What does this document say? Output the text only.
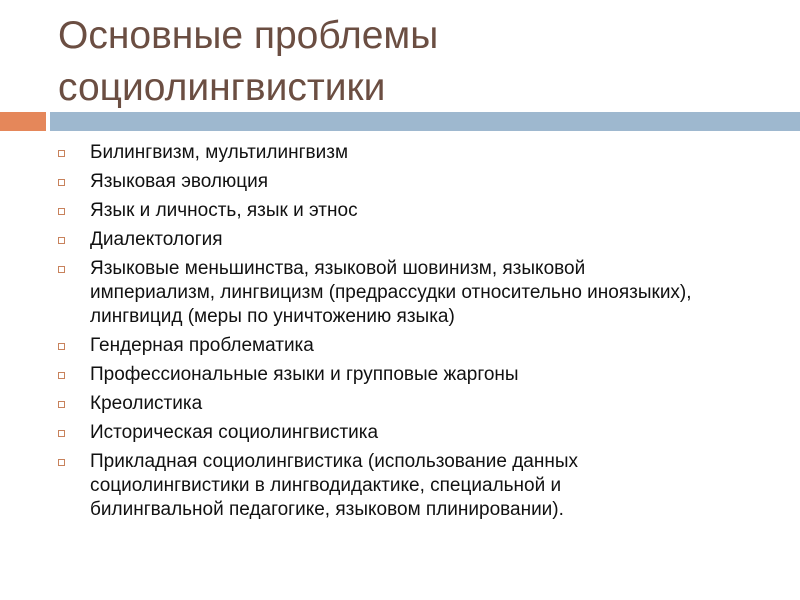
Основные проблемы
социолингвистики
Билингвизм, мультилингвизм
Языковая эволюция
Язык и личность, язык и этнос
Диалектология
Языковые меньшинства, языковой шовинизм, языковой империализм, лингвицизм (предрассудки относительно иноязыких), лингвицид (меры по уничтожению языка)
Гендерная проблематика
Профессиональные языки и групповые жаргоны
Креолистика
Историческая социолингвистика
Прикладная социолингвистика (использование данных социолингвистики в лингводидактике, специальной и билингвальной педагогике, языковом плинировании).
